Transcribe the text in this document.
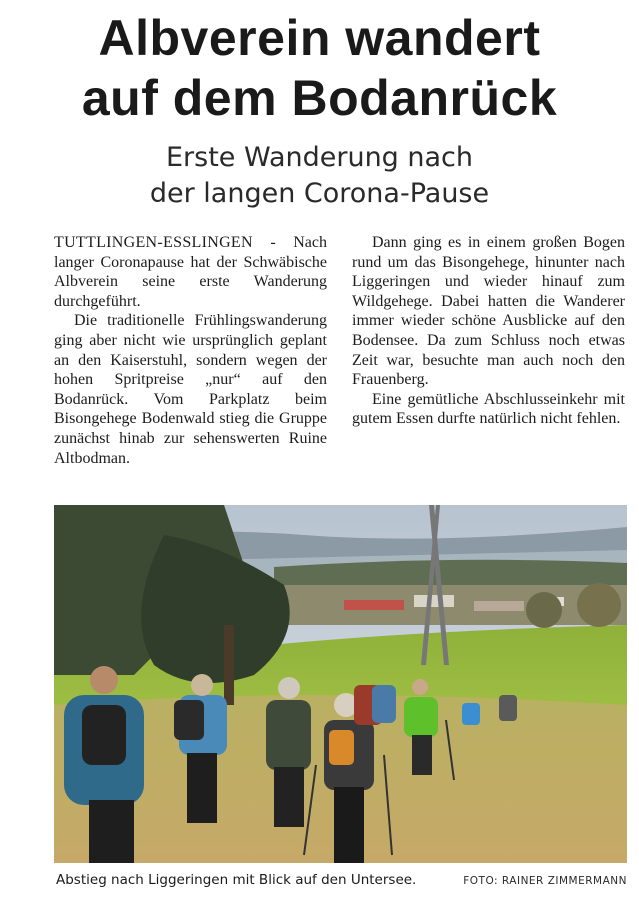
Albverein wandert
auf dem Bodanrück
Erste Wanderung nach
der langen Corona-Pause

TUTTLINGEN-ESSLINGEN - Nach langer Coronapause hat der Schwäbische Albverein seine erste Wanderung durchgeführt.

Die traditionelle Frühlingswanderung ging aber nicht wie ursprünglich geplant an den Kaiserstuhl, sondern wegen der hohen Spritpreise „nur“ auf den Bodanrück. Vom Parkplatz beim Bisongehege Bodenwald stieg die Gruppe zunächst hinab zur sehenswerten Ruine Altbodman.

Dann ging es in einem großen Bogen rund um das Bisongehege, hinunter nach Liggeringen und wieder hinauf zum Wildgehege. Dabei hatten die Wanderer immer wieder schöne Ausblicke auf den Bodensee. Da zum Schluss noch etwas Zeit war, besuchte man auch noch den Frauenberg.

Eine gemütliche Abschlusseinkehr mit gutem Essen durfte natürlich nicht fehlen.

Abstieg nach Liggeringen mit Blick auf den Untersee.	FOTO: RAINER ZIMMERMANN
